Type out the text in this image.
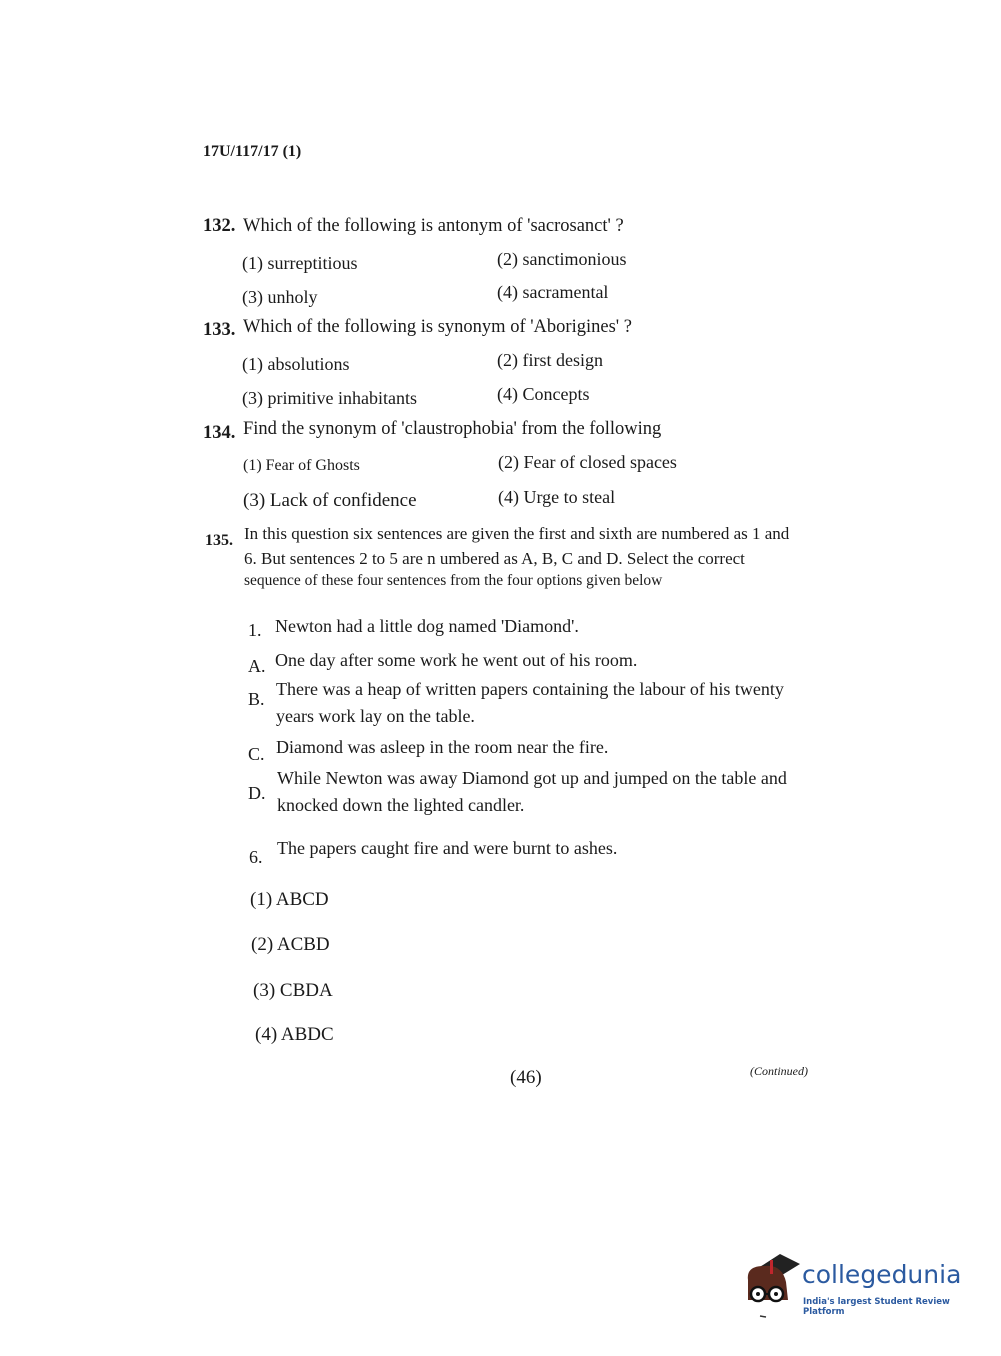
17U/117/17 (1)
132. Which of the following is antonym of 'sacrosanct' ?
(1) surreptitious	(2) sanctimonious
(3) unholy	(4) sacramental
133. Which of the following is synonym of 'Aborigines' ?
(1) absolutions	(2) first design
(3) primitive inhabitants	(4) Concepts
134. Find the synonym of 'claustrophobia' from the following
(1) Fear of Ghosts	(2) Fear of closed spaces
(3) Lack of confidence	(4) Urge to steal
135. In this question six sentences are given the first and sixth are numbered as 1 and
6. But sentences 2 to 5 are n umbered as A, B, C and D. Select the correct
sequence of these four sentences from the four options given below
1. Newton had a little dog named 'Diamond'.
A. One day after some work he went out of his room.
B. There was a heap of written papers containing the labour of his twenty
years work lay on the table.
C. Diamond was asleep in the room near the fire.
D.
While Newton was away Diamond got up and jumped on the table and
knocked down the lighted candler.
6. The papers caught fire and were burnt to ashes.
(1) ABCD
(2) ACBD
(3) CBDA
(4) ABDC
(46)	(Continued)
collegedunia
India's largest Student Review Platform
